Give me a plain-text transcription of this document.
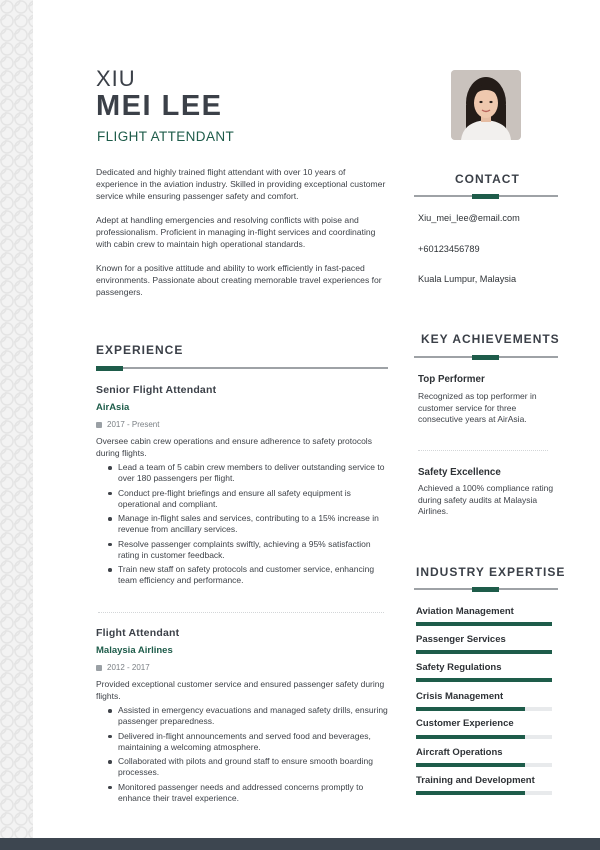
XIU
MEI LEE
FLIGHT ATTENDANT

Dedicated and highly trained flight attendant with over 10 years of experience in the aviation industry. Skilled in providing exceptional customer service while ensuring passenger safety and comfort.

Adept at handling emergencies and resolving conflicts with poise and professionalism. Proficient in managing in-flight services and coordinating with cabin crew to maintain high operational standards.

Known for a positive attitude and ability to work efficiently in fast-paced environments. Passionate about creating memorable travel experiences for passengers.

CONTACT
Xiu_mei_lee@email.com
+60123456789
Kuala Lumpur, Malaysia
KEY ACHIEVEMENTS
Top Performer
Recognized as top performer in customer service for three consecutive years at AirAsia.
Safety Excellence
Achieved a 100% compliance rating during safety audits at Malaysia Airlines.
INDUSTRY EXPERTISE
Aviation Management
Passenger Services
Safety Regulations
Crisis Management
Customer Experience
Aircraft Operations
Training and Development
EXPERIENCE
Senior Flight Attendant
AirAsia
2017 - Present
Oversee cabin crew operations and ensure adherence to safety protocols during flights.
Lead a team of 5 cabin crew members to deliver outstanding service to over 180 passengers per flight.
Conduct pre-flight briefings and ensure all safety equipment is operational and compliant.
Manage in-flight sales and services, contributing to a 15% increase in revenue from ancillary services.
Resolve passenger complaints swiftly, achieving a 95% satisfaction rating in customer feedback.
Train new staff on safety protocols and customer service, enhancing team efficiency and performance.
Flight Attendant
Malaysia Airlines
2012 - 2017
Provided exceptional customer service and ensured passenger safety during flights.
Assisted in emergency evacuations and managed safety drills, ensuring passenger preparedness.
Delivered in-flight announcements and served food and beverages, maintaining a welcoming atmosphere.
Collaborated with pilots and ground staff to ensure smooth boarding processes.
Monitored passenger needs and addressed concerns promptly to enhance their travel experience.
